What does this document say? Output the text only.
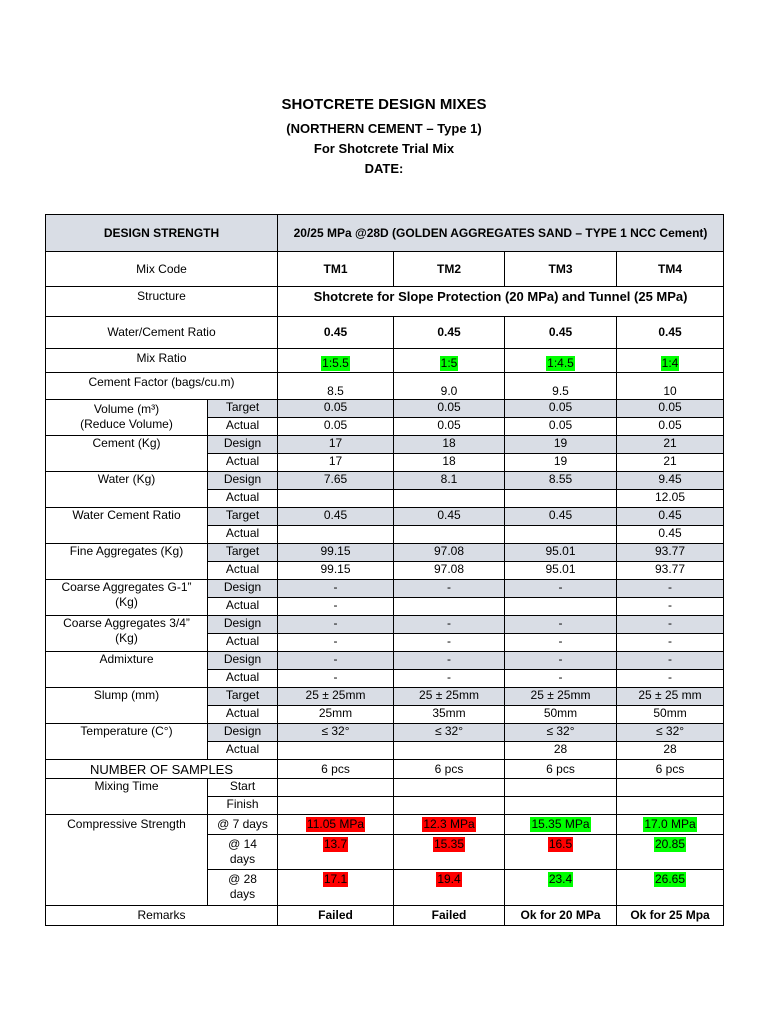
SHOTCRETE DESIGN MIXES
(NORTHERN CEMENT – Type 1)
For Shotcrete Trial Mix
DATE:
DESIGN STRENGTH		20/25 MPa @28D (GOLDEN AGGREGATES SAND – TYPE 1 NCC Cement)			
Mix Code		TM1	TM2	TM3	TM4
Structure		Shotcrete for Slope Protection (20 MPa) and Tunnel (25 MPa)			
Water/Cement Ratio		0.45	0.45	0.45	0.45
Mix Ratio		1:5.5	1:5	1:4.5	1:4
Cement Factor (bags/cu.m)		8.5	9.0	9.5	10
Volume (m³)
(Reduce Volume)	Target	0.05	0.05	0.05	0.05
	Actual	0.05	0.05	0.05	0.05
Cement (Kg)	Design	17	18	19	21
	Actual	17	18	19	21
Water (Kg)	Design	7.65	8.1	8.55	9.45
	Actual				12.05
Water Cement Ratio	Target	0.45	0.45	0.45	0.45
	Actual				0.45
Fine Aggregates (Kg)	Target	99.15	97.08	95.01	93.77
	Actual	99.15	97.08	95.01	93.77
Coarse Aggregates G-1”
(Kg)	Design	-	-	-	-
	Actual	-			-
Coarse Aggregates 3/4”
(Kg)	Design	-	-	-	-
	Actual	-	-	-	-
Admixture	Design	-	-	-	-
	Actual	-	-	-	-
Slump (mm)	Target	25 ± 25mm	25 ± 25mm	25 ± 25mm	25 ± 25 mm
	Actual	25mm	35mm	50mm	50mm
Temperature (C°)	Design	≤ 32°	≤ 32°	≤ 32°	≤ 32°
	Actual			28	28
NUMBER OF SAMPLES		6 pcs	6 pcs	6 pcs	6 pcs
Mixing Time	Start				
	Finish				
Compressive Strength	@ 7 days	11.05 MPa	12.3 MPa	15.35 MPa	17.0 MPa
	@ 14
days	13.7	15.35	16.5	20.85
	@ 28
days	17.1	19.4	23.4	26.65
Remarks		Failed	Failed	Ok for 20 MPa	Ok for 25 Mpa
